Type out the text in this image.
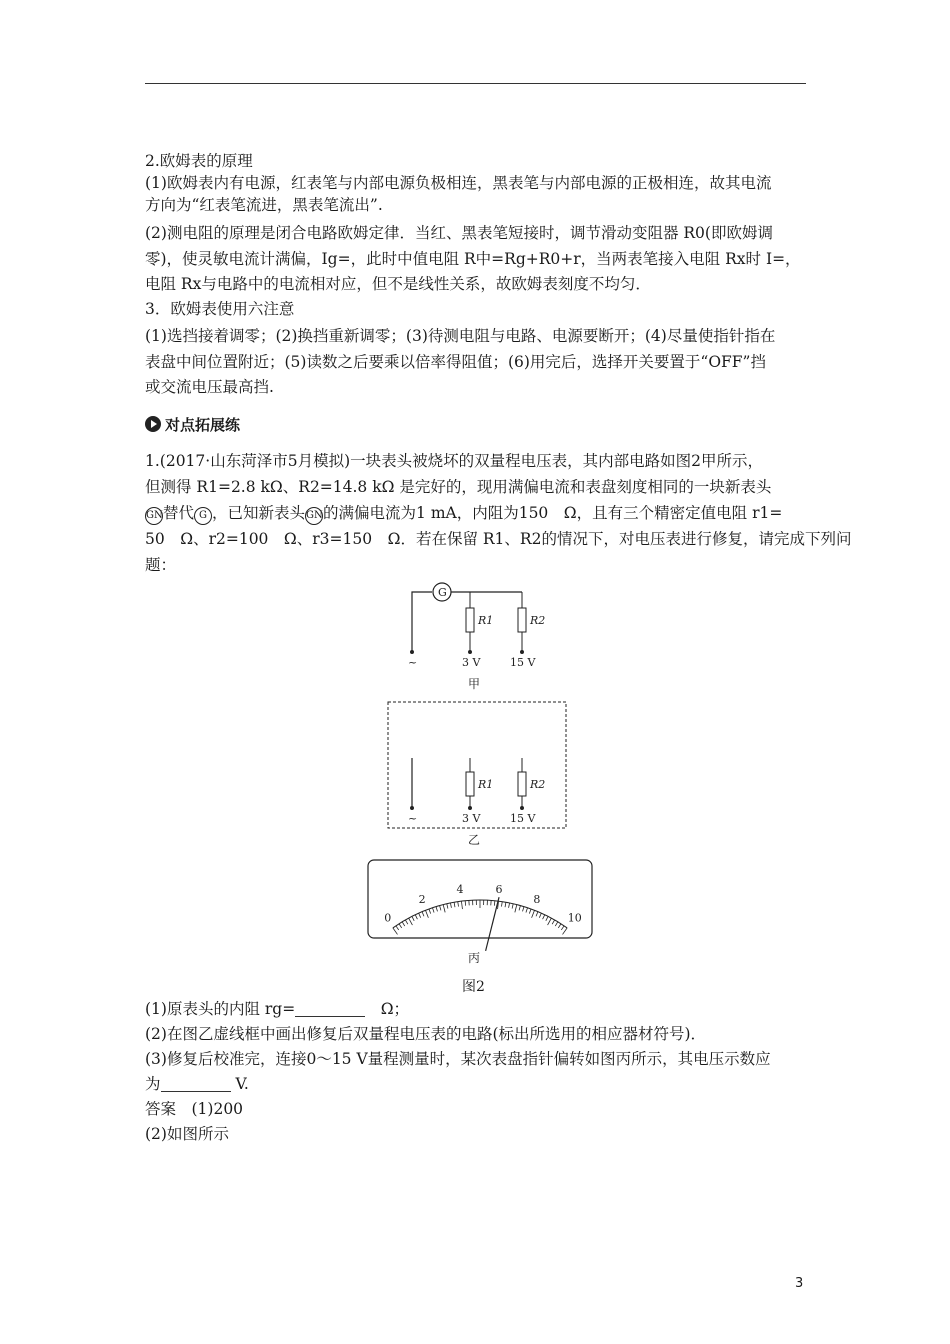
2.欧姆表的原理
(1)欧姆表内有电源，红表笔与内部电源负极相连，黑表笔与内部电源的正极相连，故其电流
方向为“红表笔流进，黑表笔流出”.
(2)测电阻的原理是闭合电路欧姆定律．当红、黑表笔短接时，调节滑动变阻器 R0(即欧姆调
零)，使灵敏电流计满偏，Ig=，此时中值电阻 R中=Rg+R0+r，当两表笔接入电阻 Rx时 I=，
电阻 Rx与电路中的电流相对应，但不是线性关系，故欧姆表刻度不均匀．
3．欧姆表使用六注意
(1)选挡接着调零；(2)换挡重新调零；(3)待测电阻与电路、电源要断开；(4)尽量使指针指在
表盘中间位置附近；(5)读数之后要乘以倍率得阻值；(6)用完后，选择开关要置于“OFF”挡
或交流电压最高挡.
对点拓展练
1.(2017·山东菏泽市5月模拟)一块表头被烧坏的双量程电压表，其内部电路如图2甲所示，
但测得 R1=2.8 kΩ、R2=14.8 kΩ 是完好的，现用满偏电流和表盘刻度相同的一块新表头
GN替代 G ，已知新表头GN的满偏电流为1 mA，内阻为150　Ω，且有三个精密定值电阻 r1=
50　Ω、r2=100　Ω、r3=150　Ω．若在保留 R1、R2的情况下，对电压表进行修复，请完成下列问
题：
G
R1	R2
~	3 V	15 V
甲
R1	R2
~	3 V	15 V
乙
0
2
4	6
8
10
丙
图2
(1)原表头的内阻 rg=	　Ω；
(2)在图乙虚线框中画出修复后双量程电压表的电路(标出所选用的相应器材符号)．
(3)修复后校准完，连接0～15 V量程测量时，某次表盘指针偏转如图丙所示，其电压示数应
为	V.
答案　(1)200
(2)如图所示
3
